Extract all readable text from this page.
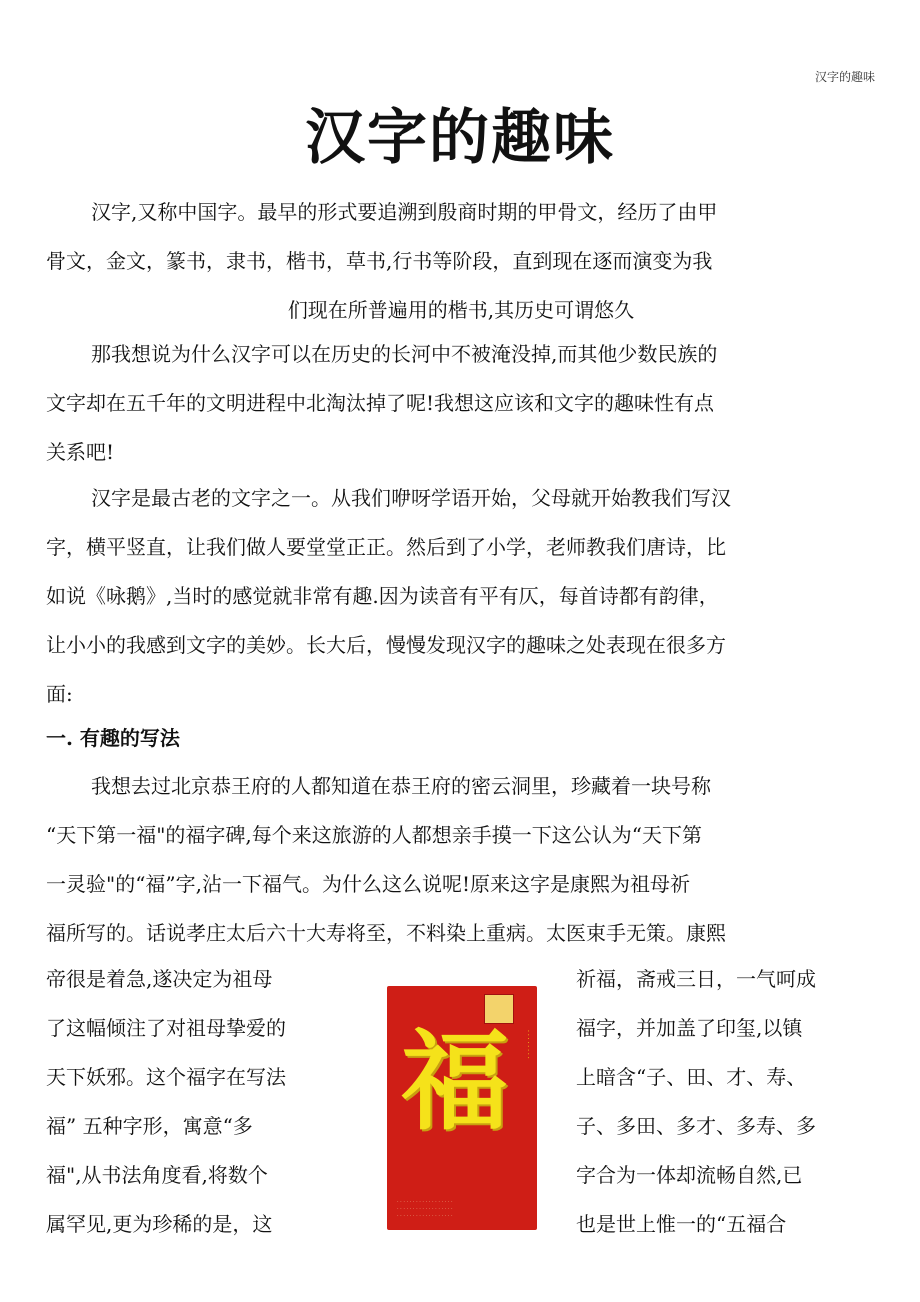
汉字的趣味
汉字的趣味
汉字,又称中国字。最早的形式要追溯到殷商时期的甲骨文，经历了由甲
骨文，金文，篆书，隶书，楷书，草书,行书等阶段，直到现在逐而演变为我
们现在所普遍用的楷书,其历史可谓悠久
那我想说为什么汉字可以在历史的长河中不被淹没掉,而其他少数民族的
文字却在五千年的文明进程中北淘汰掉了呢!我想这应该和文字的趣味性有点
关系吧!
汉字是最古老的文字之一。从我们咿呀学语开始，父母就开始教我们写汉
字，横平竖直，让我们做人要堂堂正正。然后到了小学，老师教我们唐诗，比
如说《咏鹅》,当时的感觉就非常有趣.因为读音有平有仄，每首诗都有韵律，
让小小的我感到文字的美妙。长大后，慢慢发现汉字的趣味之处表现在很多方
面:
一. 有趣的写法
我想去过北京恭王府的人都知道在恭王府的密云洞里，珍藏着一块号称
“天下第一福"的福字碑,每个来这旅游的人都想亲手摸一下这公认为“天下第
一灵验"的“福”字,沾一下福气。为什么这么说呢!原来这字是康熙为祖母祈
福所写的。话说孝庄太后六十大寿将至，不料染上重病。太医束手无策。康熙
帝很是着急,遂决定为祖母
了这幅倾注了对祖母挚爱的
天下妖邪。这个福字在写法
福” 五种字形，寓意“多
福",从书法角度看,将数个
属罕见,更为珍稀的是，这
福	· · · · · · · ·
· · · · · · · · · · · · · · · · · ·
· · · · · · · · · · · · · · · · · ·
· · · · · · · · · · · · · · · · · ·
祈福，斋戒三日，一气呵成
福字，并加盖了印玺,以镇
上暗含“子、田、才、寿、
子、多田、多才、多寿、多
字合为一体却流畅自然,已
也是世上惟一的“五福合
